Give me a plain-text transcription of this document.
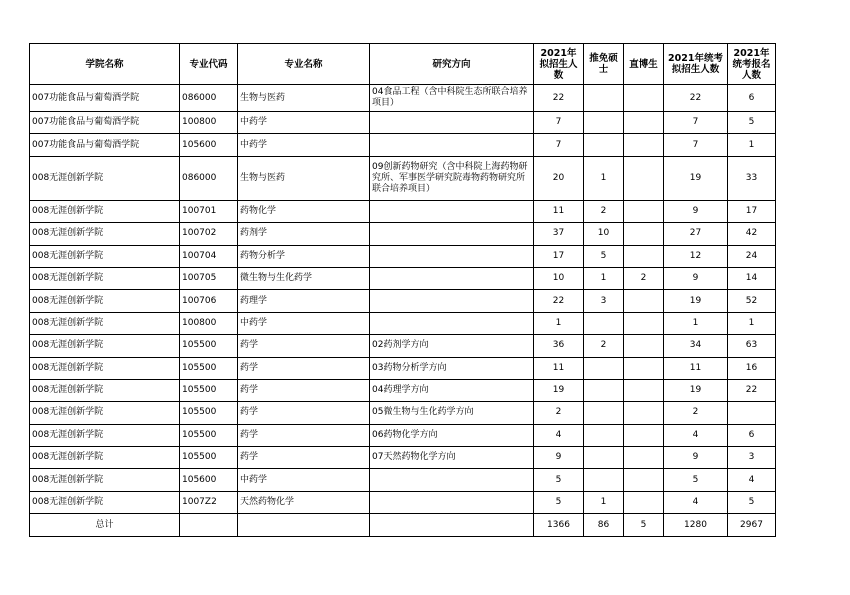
学院名称	专业代码	专业名称	研究方向	2021年拟招生人数	推免硕士	直博生	2021年统考拟招生人数	2021年统考报名人数
007功能食品与葡萄酒学院	086000	生物与医药	04食品工程（含中科院生态所联合培养项目）	22			22	6
007功能食品与葡萄酒学院	100800	中药学		7			7	5
007功能食品与葡萄酒学院	105600	中药学		7			7	1
008无涯创新学院	086000	生物与医药	09创新药物研究（含中科院上海药物研究所、军事医学研究院毒物药物研究所联合培养项目）	20	1		19	33
008无涯创新学院	100701	药物化学		11	2		9	17
008无涯创新学院	100702	药剂学		37	10		27	42
008无涯创新学院	100704	药物分析学		17	5		12	24
008无涯创新学院	100705	微生物与生化药学		10	1	2	9	14
008无涯创新学院	100706	药理学		22	3		19	52
008无涯创新学院	100800	中药学		1			1	1
008无涯创新学院	105500	药学	02药剂学方向	36	2		34	63
008无涯创新学院	105500	药学	03药物分析学方向	11			11	16
008无涯创新学院	105500	药学	04药理学方向	19			19	22
008无涯创新学院	105500	药学	05微生物与生化药学方向	2			2	
008无涯创新学院	105500	药学	06药物化学方向	4			4	6
008无涯创新学院	105500	药学	07天然药物化学方向	9			9	3
008无涯创新学院	105600	中药学		5			5	4
008无涯创新学院	1007Z2	天然药物化学		5	1		4	5
总计				1366	86	5	1280	2967
